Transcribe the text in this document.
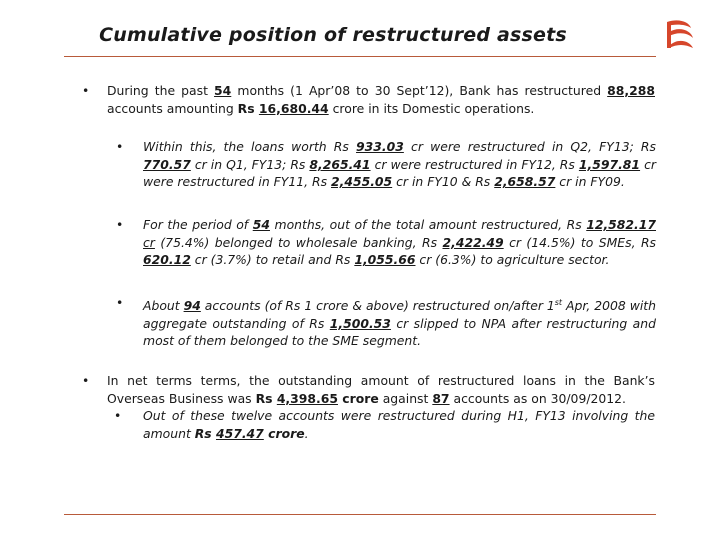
Cumulative position of restructured assets
• During the past 54 months (1 Apr’08 to 30 Sept’12), Bank has restructured 88,288 accounts amounting Rs 16,680.44 crore in its Domestic operations.
• Within this, the loans worth Rs 933.03 cr were restructured in Q2, FY13; Rs 770.57 cr in Q1, FY13; Rs 8,265.41 cr were restructured in FY12, Rs 1,597.81 cr were restructured in FY11, Rs 2,455.05 cr in FY10 & Rs 2,658.57 cr in FY09.
• For the period of 54 months, out of the total amount restructured, Rs 12,582.17 cr (75.4%) belonged to wholesale banking, Rs 2,422.49 cr (14.5%) to SMEs, Rs 620.12 cr (3.7%) to retail and Rs 1,055.66 cr (6.3%) to agriculture sector.
• About 94 accounts (of Rs 1 crore & above) restructured on/after 1st Apr, 2008 with aggregate outstanding of Rs 1,500.53 cr slipped to NPA after restructuring and most of them belonged to the SME segment.
• In net terms terms, the outstanding amount of restructured loans in the Bank’s Overseas Business was Rs 4,398.65 crore against 87 accounts as on 30/09/2012.
• Out of these twelve accounts were restructured during H1, FY13 involving the amount Rs 457.47 crore.
